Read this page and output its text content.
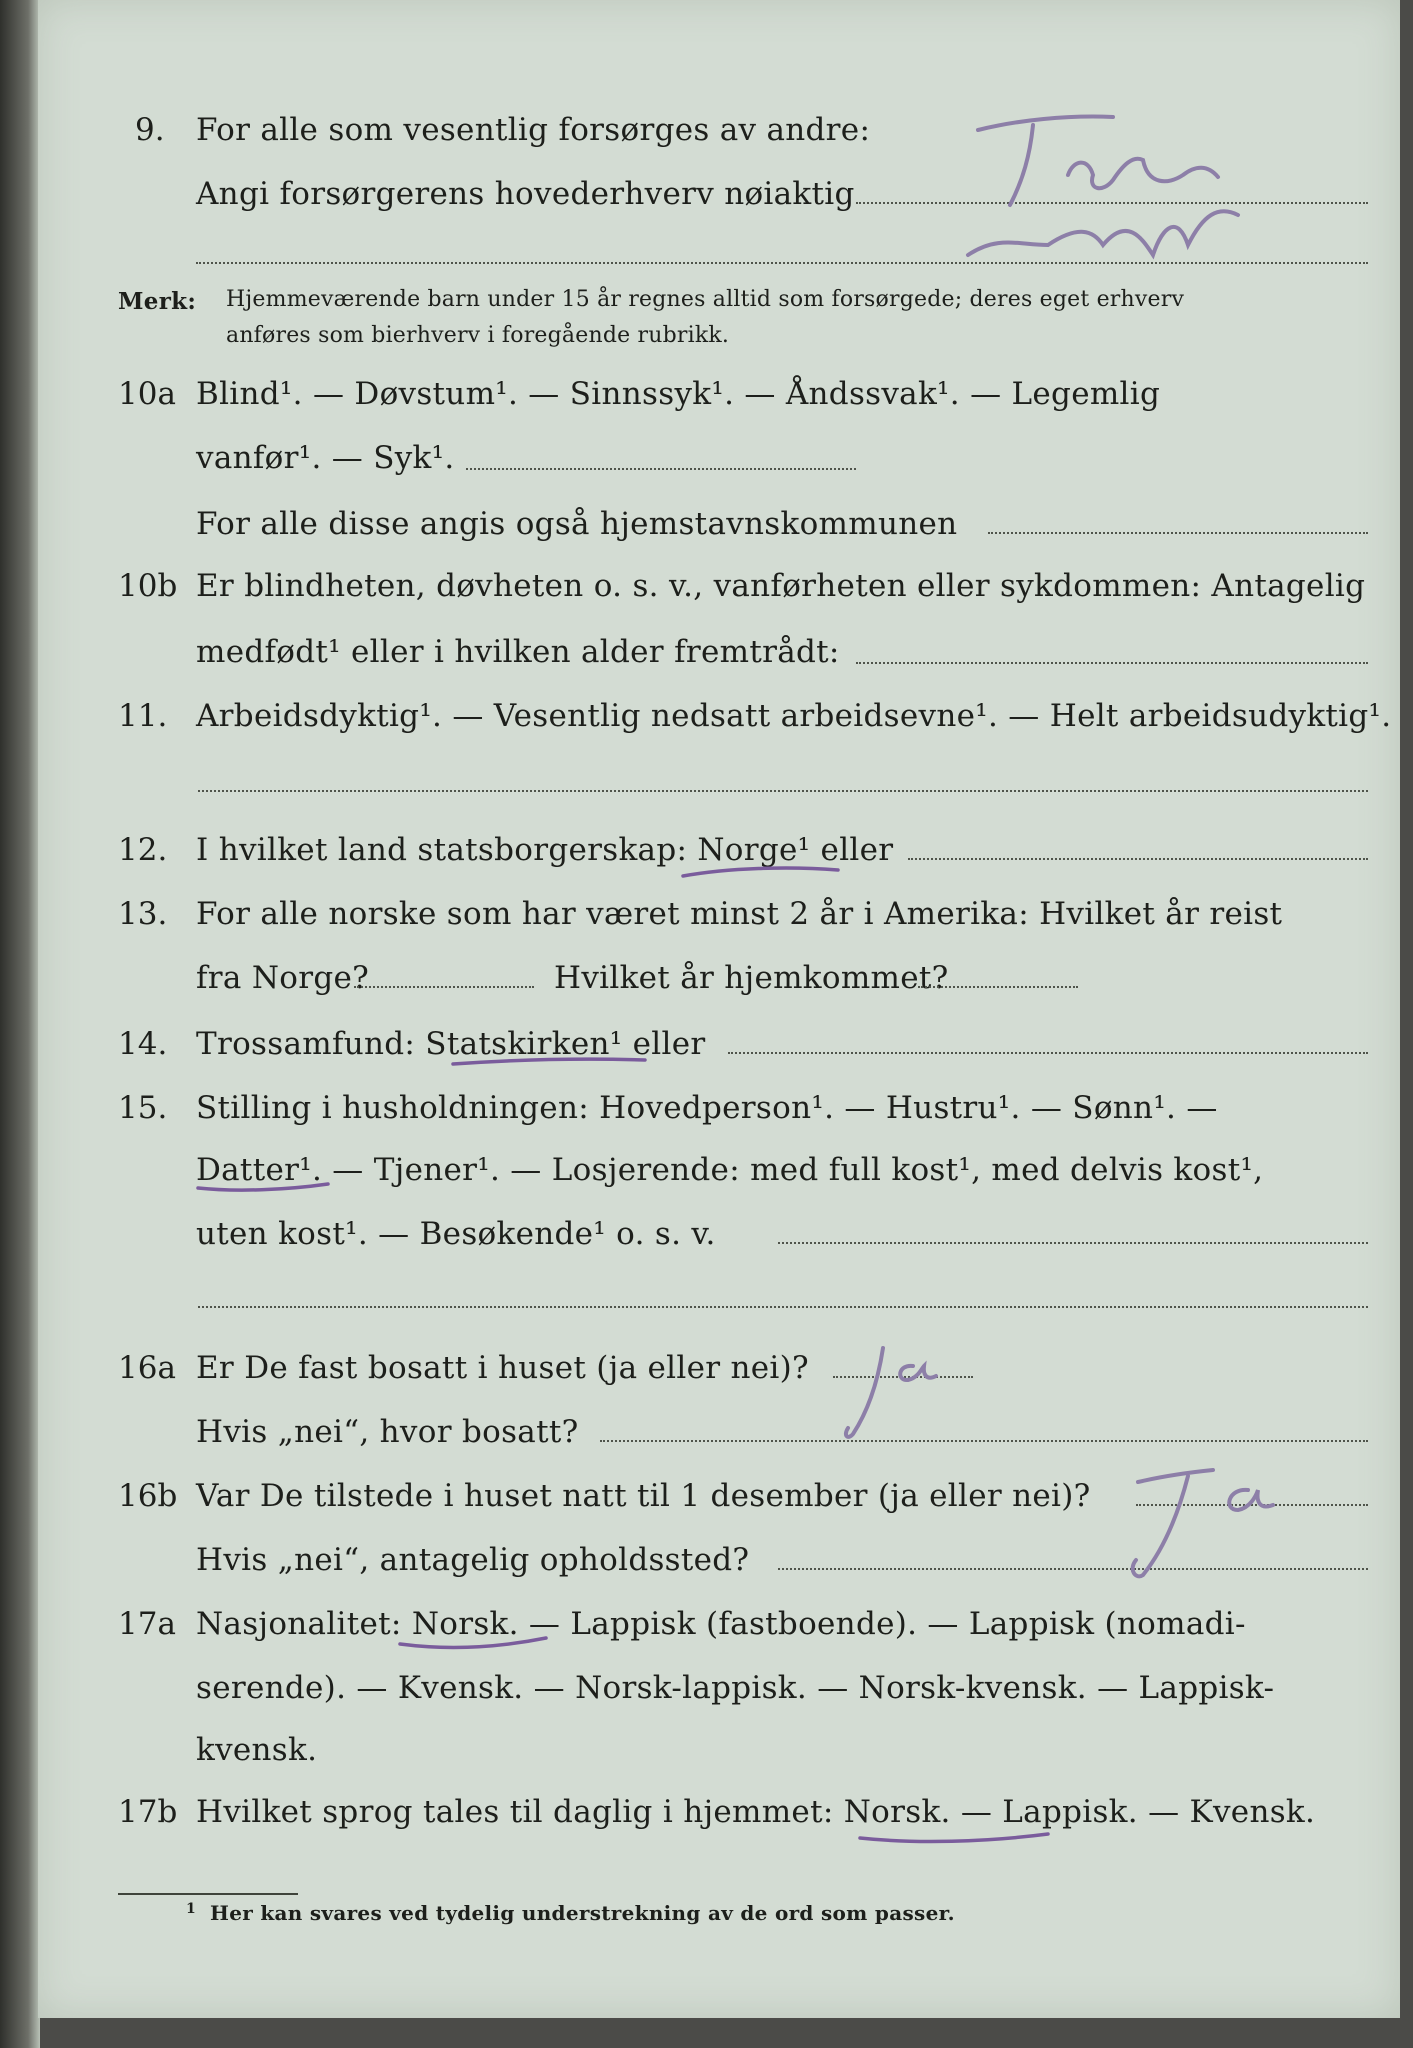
9. For alle som vesentlig forsørges av andre:
Angi forsørgerens hovederhverv nøiaktig	Fisker
selv
Merk: Hjemmeværende barn under 15 år regnes alltid som forsørgede; deres eget erhverv
anføres som bierhverv i foregående rubrikk.
10a Blind¹. — Døvstum¹. — Sinnssyk¹. — Åndssvak¹. — Legemlig
vanfør¹. — Syk¹.
For alle disse angis også hjemstavnskommunen
10b Er blindheten, døvheten o. s. v., vanførheten eller sykdommen: Antagelig
medfødt¹ eller i hvilken alder fremtrådt:
11. Arbeidsdyktig¹. — Vesentlig nedsatt arbeidsevne¹. — Helt arbeidsudyktig¹.
12. I hvilket land statsborgerskap: Norge¹ eller
13. For alle norske som har været minst 2 år i Amerika: Hvilket år reist
fra Norge?	Hvilket år hjemkommet?
14. Trossamfund: Statskirken¹ eller
15. Stilling i husholdningen: Hovedperson¹. — Hustru¹. — Sønn¹. —
Datter¹. — Tjener¹. — Losjerende: med full kost¹, med delvis kost¹,
uten kost¹. — Besøkende¹ o. s. v.
16a Er De fast bosatt i huset (ja eller nei)?
Hvis „nei“, hvor bosatt?
ja
16b Var De tilstede i huset natt til 1 desember (ja eller nei)?
Hvis „nei“, antagelig opholdssted?
ja
17a Nasjonalitet: Norsk. — Lappisk (fastboende). — Lappisk (nomadi-
serende). — Kvensk. — Norsk-lappisk. — Norsk-kvensk. — Lappisk-
kvensk.
17b Hvilket sprog tales til daglig i hjemmet: Norsk. — Lappisk. — Kvensk.
1 Her kan svares ved tydelig understrekning av de ord som passer.
